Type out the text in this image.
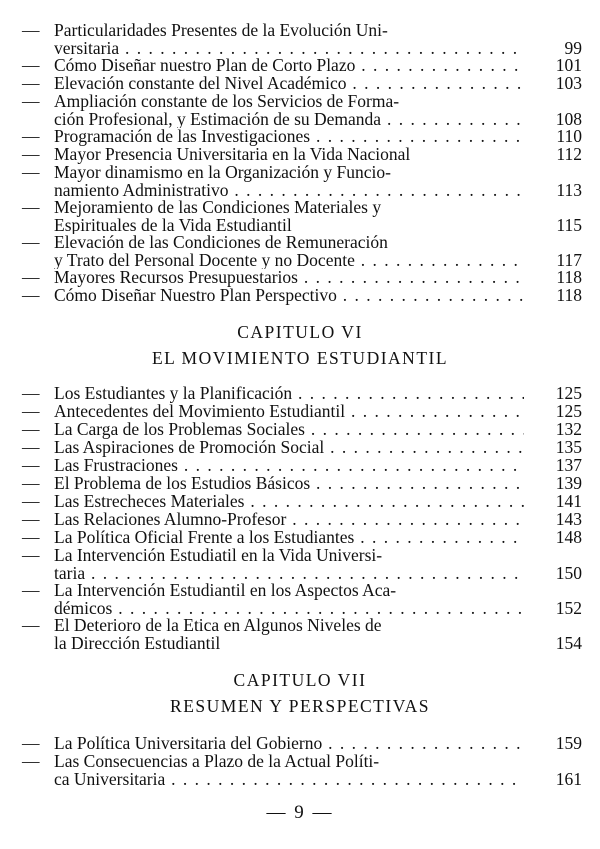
— Particularidades Presentes de la Evolución Uni-
versitaria . . .	99
— Cómo Diseñar nuestro Plan de Corto Plazo . . .	101
— Elevación constante del Nivel Académico . . .	103
— Ampliación constante de los Servicios de Forma-
ción Profesional, y Estimación de su Demanda . . .	108
— Programación de las Investigaciones . . .	110
— Mayor Presencia Universitaria en la Vida Nacional	112
— Mayor dinamismo en la Organización y Funcio-
namiento Administrativo . . .	113
— Mejoramiento de las Condiciones Materiales y
Espirituales de la Vida Estudiantil	115
— Elevación de las Condiciones de Remuneración
y Trato del Personal Docente y no Docente . . .	117
— Mayores Recursos Presupuestarios . . .	118
— Cómo Diseñar Nuestro Plan Perspectivo . . .	118
CAPITULO VI
EL MOVIMIENTO ESTUDIANTIL
— Los Estudiantes y la Planificación . . .	125
— Antecedentes del Movimiento Estudiantil . . .	125
— La Carga de los Problemas Sociales . . .	132
— Las Aspiraciones de Promoción Social . . .	135
— Las Frustraciones . . .	137
— El Problema de los Estudios Básicos . . .	139
— Las Estrecheces Materiales . . .	141
— Las Relaciones Alumno-Profesor . . .	143
— La Política Oficial Frente a los Estudiantes . . .	148
— La Intervención Estudiatil en la Vida Universi-
taria . . .	150
— La Intervención Estudiantil en los Aspectos Aca-
démicos . . .	152
— El Deterioro de la Etica en Algunos Niveles de
la Dirección Estudiantil	154
CAPITULO VII
RESUMEN Y PERSPECTIVAS
— La Política Universitaria del Gobierno . . .	159
— Las Consecuencias a Plazo de la Actual Políti-
ca Universitaria . . .	161
— 9 —
